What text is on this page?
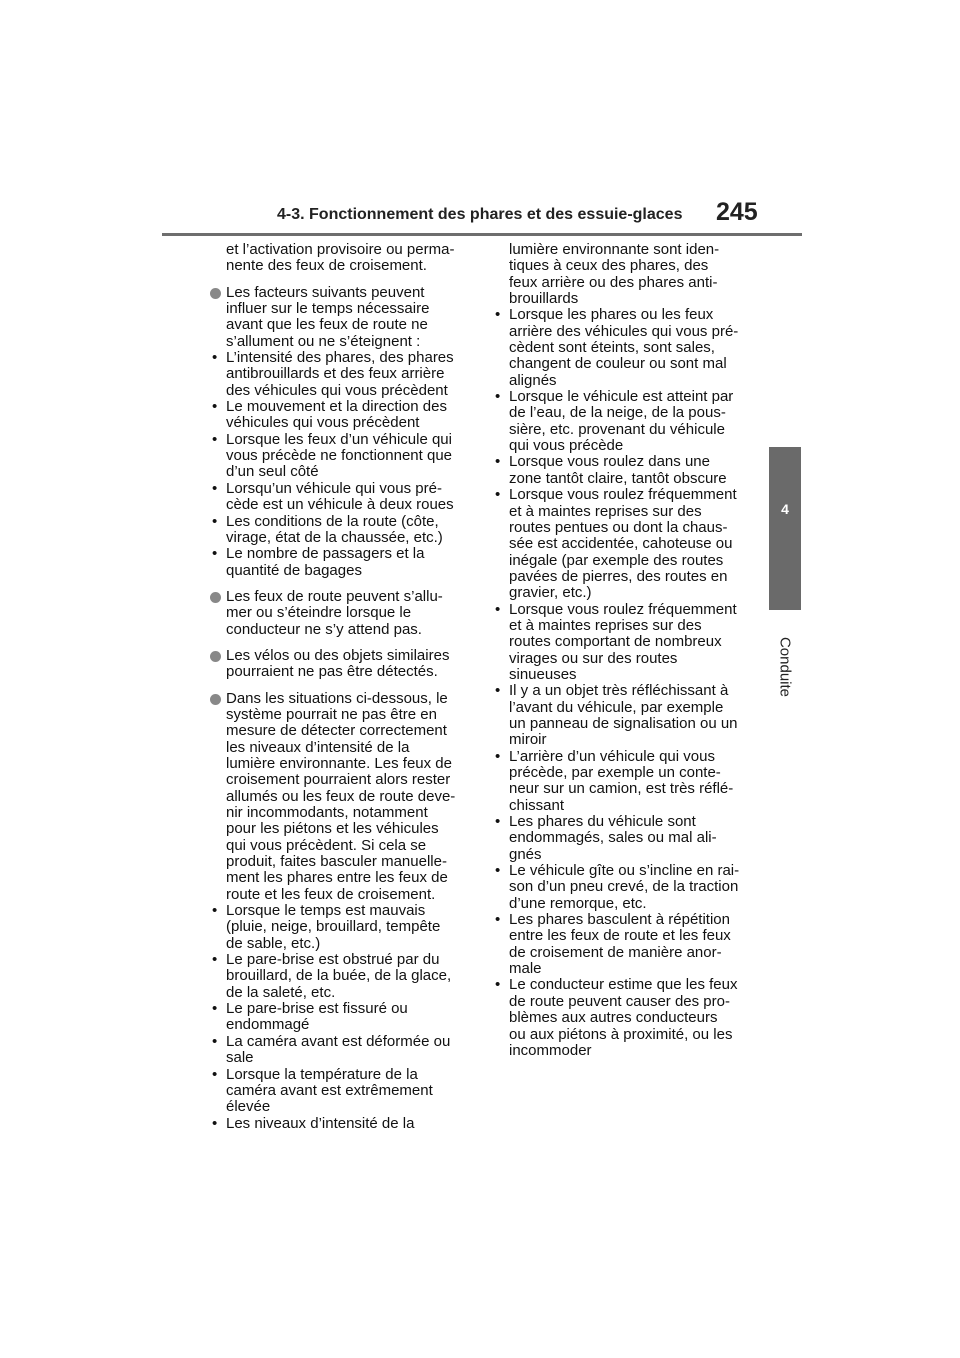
4-3. Fonctionnement des phares et des essuie-glaces 245
4
Conduite

et l’activation provisoire ou perma-
nente des feux de croisement.

Les facteurs suivants peuvent
influer sur le temps nécessaire
avant que les feux de route ne
s’allument ou ne s’éteignent :

• L’intensité des phares, des phares
antibrouillards et des feux arrière
des véhicules qui vous précèdent
• Le mouvement et la direction des
véhicules qui vous précèdent
• Lorsque les feux d’un véhicule qui
vous précède ne fonctionnent que
d’un seul côté
• Lorsqu’un véhicule qui vous pré-
cède est un véhicule à deux roues
• Les conditions de la route (côte,
virage, état de la chaussée, etc.)
• Le nombre de passagers et la
quantité de bagages

Les feux de route peuvent s’allu-
mer ou s’éteindre lorsque le
conducteur ne s’y attend pas.

Les vélos ou des objets similaires
pourraient ne pas être détectés.

Dans les situations ci-dessous, le
système pourrait ne pas être en
mesure de détecter correctement
les niveaux d’intensité de la
lumière environnante. Les feux de
croisement pourraient alors rester
allumés ou les feux de route deve-
nir incommodants, notamment
pour les piétons et les véhicules
qui vous précèdent. Si cela se
produit, faites basculer manuelle-
ment les phares entre les feux de
route et les feux de croisement.

• Lorsque le temps est mauvais
(pluie, neige, brouillard, tempête
de sable, etc.)
• Le pare-brise est obstrué par du
brouillard, de la buée, de la glace,
de la saleté, etc.
• Le pare-brise est fissuré ou
endommagé
• La caméra avant est déformée ou
sale
• Lorsque la température de la
caméra avant est extrêmement
élevée
• Les niveaux d’intensité de la

lumière environnante sont iden-
tiques à ceux des phares, des
feux arrière ou des phares anti-
brouillards

• Lorsque les phares ou les feux
arrière des véhicules qui vous pré-
cèdent sont éteints, sont sales,
changent de couleur ou sont mal
alignés
• Lorsque le véhicule est atteint par
de l’eau, de la neige, de la pous-
sière, etc. provenant du véhicule
qui vous précède
• Lorsque vous roulez dans une
zone tantôt claire, tantôt obscure
• Lorsque vous roulez fréquemment
et à maintes reprises sur des
routes pentues ou dont la chaus-
sée est accidentée, cahoteuse ou
inégale (par exemple des routes
pavées de pierres, des routes en
gravier, etc.)
• Lorsque vous roulez fréquemment
et à maintes reprises sur des
routes comportant de nombreux
virages ou sur des routes
sinueuses
• Il y a un objet très réfléchissant à
l’avant du véhicule, par exemple
un panneau de signalisation ou un
miroir
• L’arrière d’un véhicule qui vous
précède, par exemple un conte-
neur sur un camion, est très réflé-
chissant
• Les phares du véhicule sont
endommagés, sales ou mal ali-
gnés
• Le véhicule gîte ou s’incline en rai-
son d’un pneu crevé, de la traction
d’une remorque, etc.
• Les phares basculent à répétition
entre les feux de route et les feux
de croisement de manière anor-
male
• Le conducteur estime que les feux
de route peuvent causer des pro-
blèmes aux autres conducteurs
ou aux piétons à proximité, ou les
incommoder
